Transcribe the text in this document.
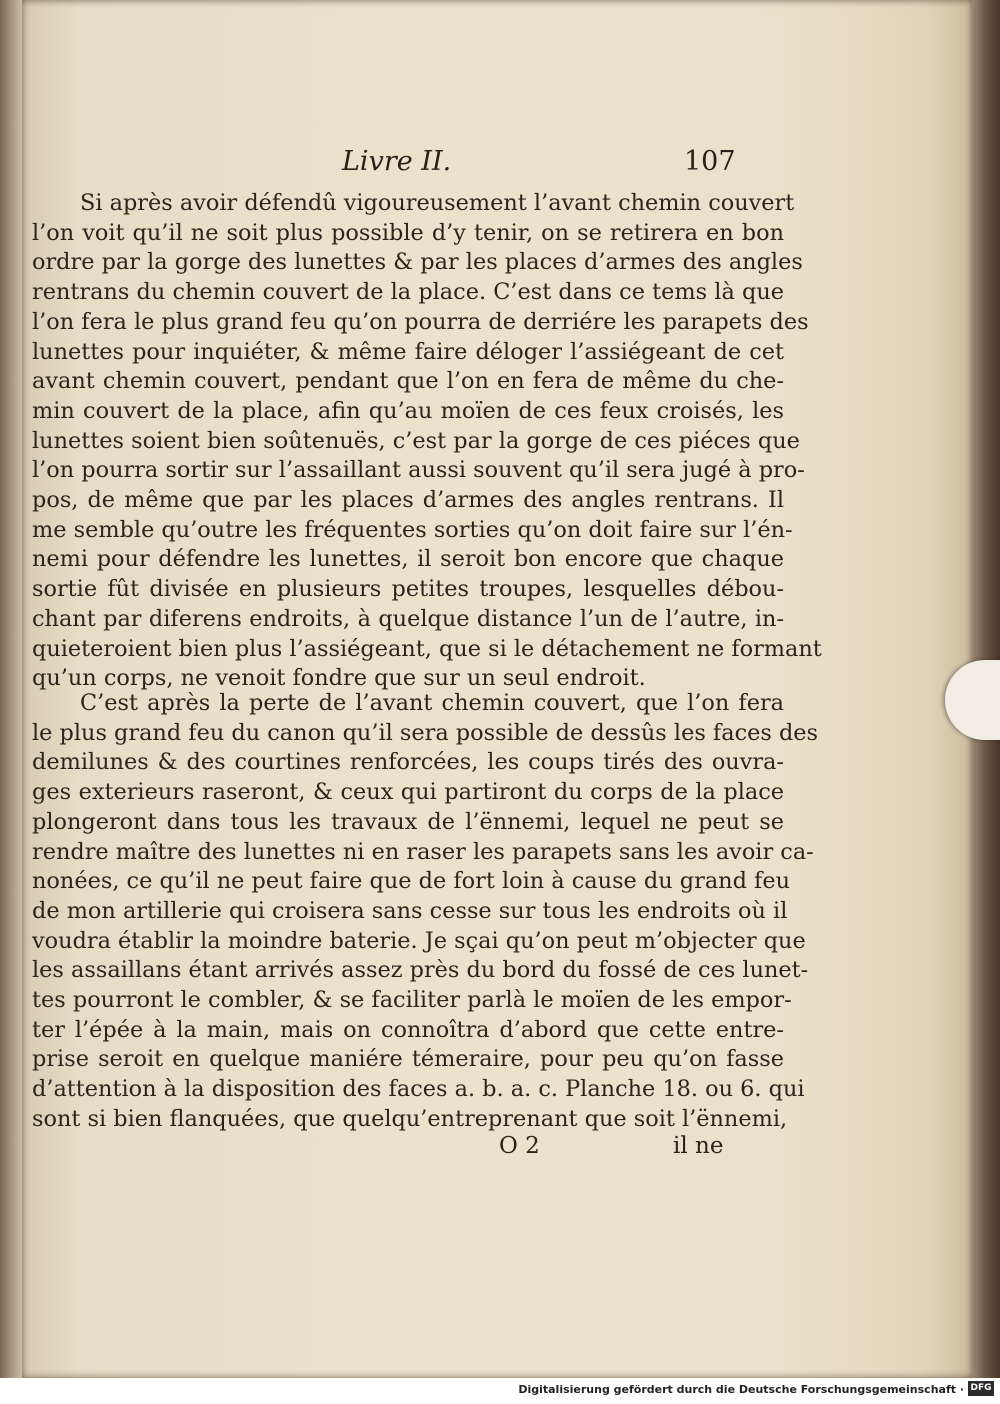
Livre II.	107
Si après avoir défendû vigoureusement l’avant chemin couvert
l’on voit qu’il ne soit plus possible d’y tenir, on se retirera en bon
ordre par la gorge des lunettes & par les places d’armes des angles
rentrans du chemin couvert de la place. C’est dans ce tems là que
l’on fera le plus grand feu qu’on pourra de derriére les parapets des
lunettes pour inquiéter, & même faire déloger l’assiégeant de cet
avant chemin couvert, pendant que l’on en fera de même du che-
min couvert de la place, afin qu’au moïen de ces feux croisés, les
lunettes soient bien soûtenuës, c’est par la gorge de ces piéces que
l’on pourra sortir sur l’assaillant aussi souvent qu’il sera jugé à pro-
pos, de même que par les places d’armes des angles rentrans. Il
me semble qu’outre les fréquentes sorties qu’on doit faire sur l’én-
nemi pour défendre les lunettes, il seroit bon encore que chaque
sortie fût divisée en plusieurs petites troupes, lesquelles débou-
chant par diferens endroits, à quelque distance l’un de l’autre, in-
quieteroient bien plus l’assiégeant, que si le détachement ne formant
qu’un corps, ne venoit fondre que sur un seul endroit.
C’est après la perte de l’avant chemin couvert, que l’on fera
le plus grand feu du canon qu’il sera possible de dessûs les faces des
demilunes & des courtines renforcées, les coups tirés des ouvra-
ges exterieurs raseront, & ceux qui partiront du corps de la place
plongeront dans tous les travaux de l’ënnemi, lequel ne peut se
rendre maître des lunettes ni en raser les parapets sans les avoir ca-
nonées, ce qu’il ne peut faire que de fort loin à cause du grand feu
de mon artillerie qui croisera sans cesse sur tous les endroits où il
voudra établir la moindre baterie. Je sçai qu’on peut m’objecter que
les assaillans étant arrivés assez près du bord du fossé de ces lunet-
tes pourront le combler, & se faciliter parlà le moïen de les empor-
ter l’épée à la main, mais on connoîtra d’abord que cette entre-
prise seroit en quelque maniére témeraire, pour peu qu’on fasse
d’attention à la disposition des faces a. b. a. c. Planche 18. ou 6. qui
sont si bien flanquées, que quelqu’entreprenant que soit l’ënnemi,
O 2	il ne
Digitalisierung gefördert durch die Deutsche Forschungsgemeinschaft · DFG
